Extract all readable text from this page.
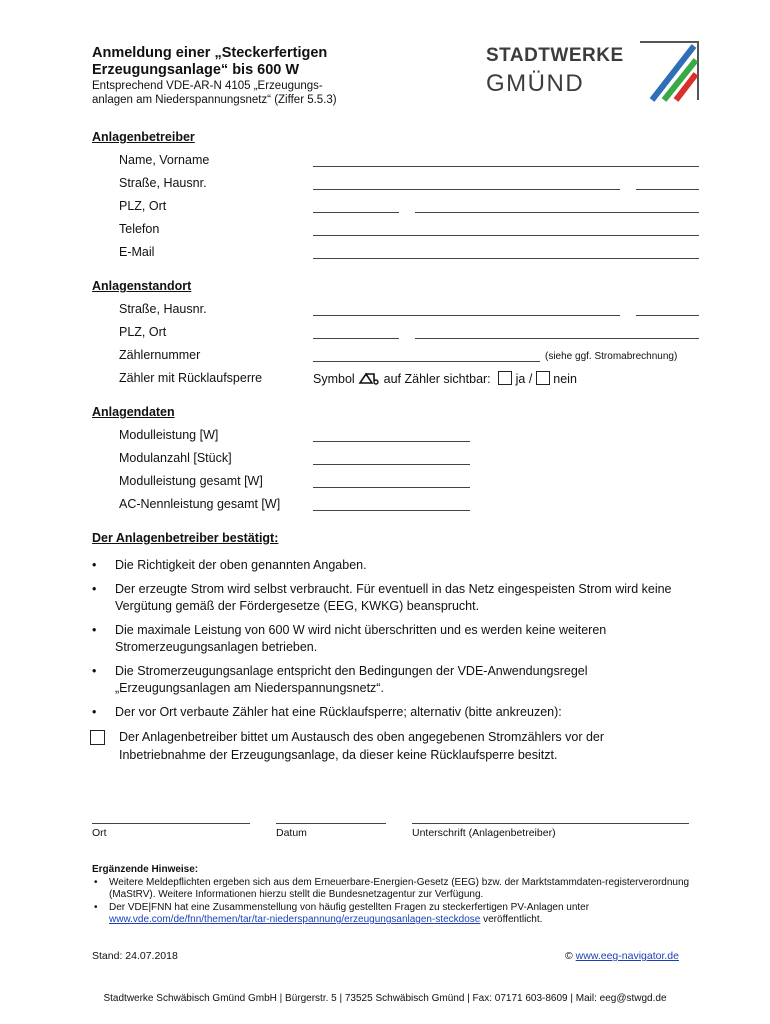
Anmeldung einer „Steckerfertigen
Erzeugungsanlage“ bis 600 W
Entsprechend VDE-AR-N 4105 „Erzeugungs-
anlagen am Niederspannungsnetz“ (Ziffer 5.5.3)
STADTWERKE
GMÜND
Anlagenbetreiber
Name, Vorname
Straße, Hausnr.
PLZ, Ort
Telefon
E-Mail
Anlagenstandort
Straße, Hausnr.
PLZ, Ort
Zählernummer	(siehe ggf. Stromabrechnung)
Zähler mit Rücklaufsperre	Symbol auf Zähler sichtbar: ja / nein
Anlagendaten
Modulleistung [W]
Modulanzahl [Stück]
Modulleistung gesamt [W]
AC-Nennleistung gesamt [W]
Der Anlagenbetreiber bestätigt:
• Die Richtigkeit der oben genannten Angaben.
• Der erzeugte Strom wird selbst verbraucht. Für eventuell in das Netz eingespeisten Strom wird keine Vergütung gemäß der Fördergesetze (EEG, KWKG) beansprucht.
• Die maximale Leistung von 600 W wird nicht überschritten und es werden keine weiteren Stromerzeugungsanlagen betrieben.
• Die Stromerzeugungsanlage entspricht den Bedingungen der VDE-Anwendungsregel „Erzeugungsanlagen am Niederspannungsnetz“.
• Der vor Ort verbaute Zähler hat eine Rücklaufsperre; alternativ (bitte ankreuzen):
Der Anlagenbetreiber bittet um Austausch des oben angegebenen Stromzählers vor der Inbetriebnahme der Erzeugungsanlage, da dieser keine Rücklaufsperre besitzt.
Ort	Datum	Unterschrift (Anlagenbetreiber)
Ergänzende Hinweise:
• Weitere Meldepflichten ergeben sich aus dem Erneuerbare-Energien-Gesetz (EEG) bzw. der Marktstammdaten-registerverordnung (MaStRV). Weitere Informationen hierzu stellt die Bundesnetzagentur zur Verfügung.
• Der VDE|FNN hat eine Zusammenstellung von häufig gestellten Fragen zu steckerfertigen PV-Anlagen unter www.vde.com/de/fnn/themen/tar/tar-niederspannung/erzeugungsanlagen-steckdose veröffentlicht.
Stand: 24.07.2018	© www.eeg-navigator.de
Stadtwerke Schwäbisch Gmünd GmbH | Bürgerstr. 5 | 73525 Schwäbisch Gmünd | Fax: 07171 603-8609 | Mail: eeg@stwgd.de
